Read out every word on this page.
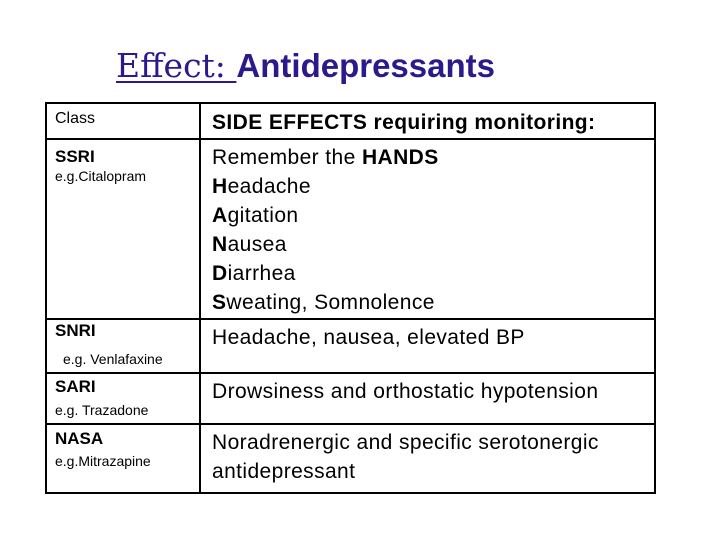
Effect: Antidepressants

Class	SIDE EFFECTS requiring monitoring:

SSRI

e.g.Citalopram

Remember the HANDS
Headache
Agitation
Nausea
Diarrhea
Sweating, Somnolence

SNRI

e.g. Venlafaxine

Headache, nausea, elevated BP

SARI

e.g. Trazadone

Drowsiness and orthostatic hypotension

NASA

e.g.Mitrazapine

Noradrenergic and specific serotonergic
antidepressant
